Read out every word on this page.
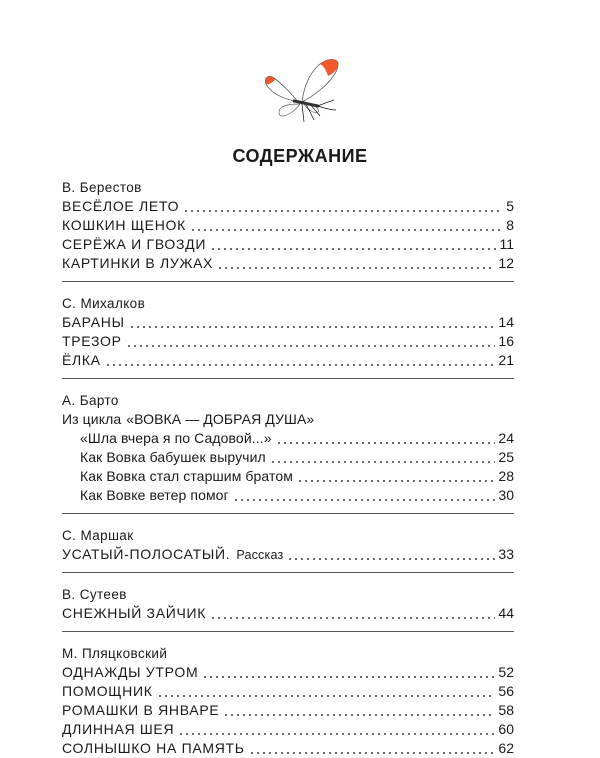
СОДЕРЖАНИЕ
В. Берестов
ВЕСЁЛОЕ ЛЕТО	5
КОШКИН ЩЕНОК	8
СЕРЁЖА И ГВОЗДИ	11
КАРТИНКИ В ЛУЖАХ	12
С. Михалков
БАРАНЫ	14
ТРЕЗОР	16
ЁЛКА	21
А. Барто
Из цикла «ВОВКА — ДОБРАЯ ДУША»
«Шла вчера я по Садовой...»	24
Как Вовка бабушек выручил	25
Как Вовка стал старшим братом	28
Как Вовке ветер помог	30
С. Маршак
УСАТЫЙ-ПОЛОСАТЫЙ. Рассказ	33
В. Сутеев
СНЕЖНЫЙ ЗАЙЧИК	44
М. Пляцковский
ОДНАЖДЫ УТРОМ	52
ПОМОЩНИК	56
РОМАШКИ В ЯНВАРЕ	58
ДЛИННАЯ ШЕЯ	60
СОЛНЫШКО НА ПАМЯТЬ	62
